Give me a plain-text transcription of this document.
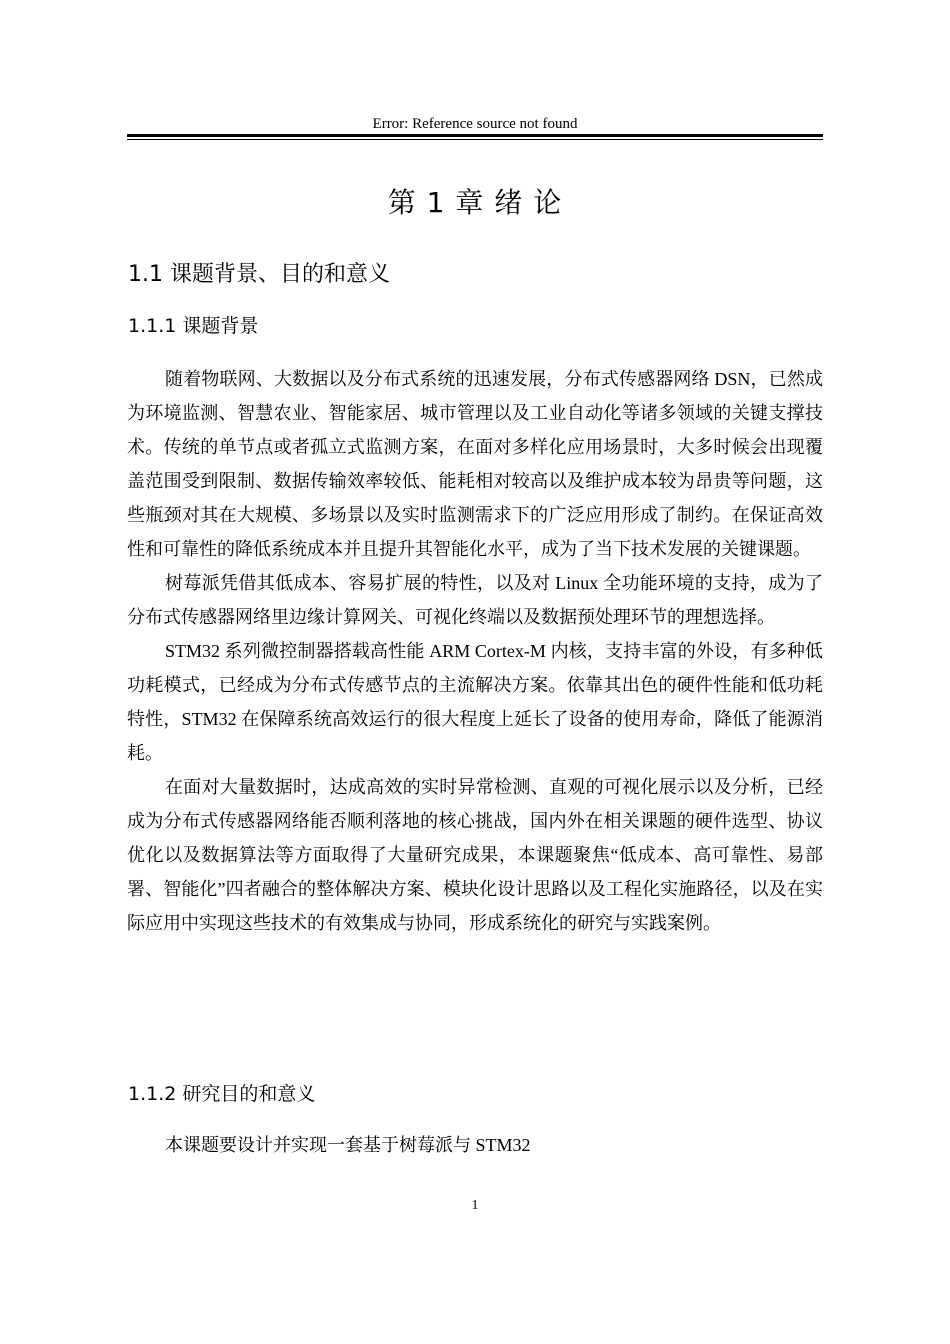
Error: Reference source not found
第 1 章 绪 论
1.1 课题背景、目的和意义
1.1.1 课题背景

随着物联网、大数据以及分布式系统的迅速发展，分布式传感器网络 DSN，已然成为环境监测、智慧农业、智能家居、城市管理以及工业自动化等诸多领域的关键支撑技术。传统的单节点或者孤立式监测方案，在面对多样化应用场景时，大多时候会出现覆盖范围受到限制、数据传输效率较低、能耗相对较高以及维护成本较为昂贵等问题，这些瓶颈对其在大规模、多场景以及实时监测需求下的广泛应用形成了制约。在保证高效性和可靠性的降低系统成本并且提升其智能化水平，成为了当下技术发展的关键课题。

树莓派凭借其低成本、容易扩展的特性，以及对 Linux 全功能环境的支持，成为了分布式传感器网络里边缘计算网关、可视化终端以及数据预处理环节的理想选择。

STM32 系列微控制器搭载高性能 ARM Cortex-M 内核，支持丰富的外设，有多种低功耗模式，已经成为分布式传感节点的主流解决方案。依靠其出色的硬件性能和低功耗特性，STM32 在保障系统高效运行的很大程度上延长了设备的使用寿命，降低了能源消耗。

在面对大量数据时，达成高效的实时异常检测、直观的可视化展示以及分析，已经成为分布式传感器网络能否顺利落地的核心挑战，国内外在相关课题的硬件选型、协议优化以及数据算法等方面取得了大量研究成果，本课题聚焦“低成本、高可靠性、易部署、智能化”四者融合的整体解决方案、模块化设计思路以及工程化实施路径，以及在实际应用中实现这些技术的有效集成与协同，形成系统化的研究与实践案例。

1.1.2 研究目的和意义
本课题要设计并实现一套基于树莓派与 STM32
1
